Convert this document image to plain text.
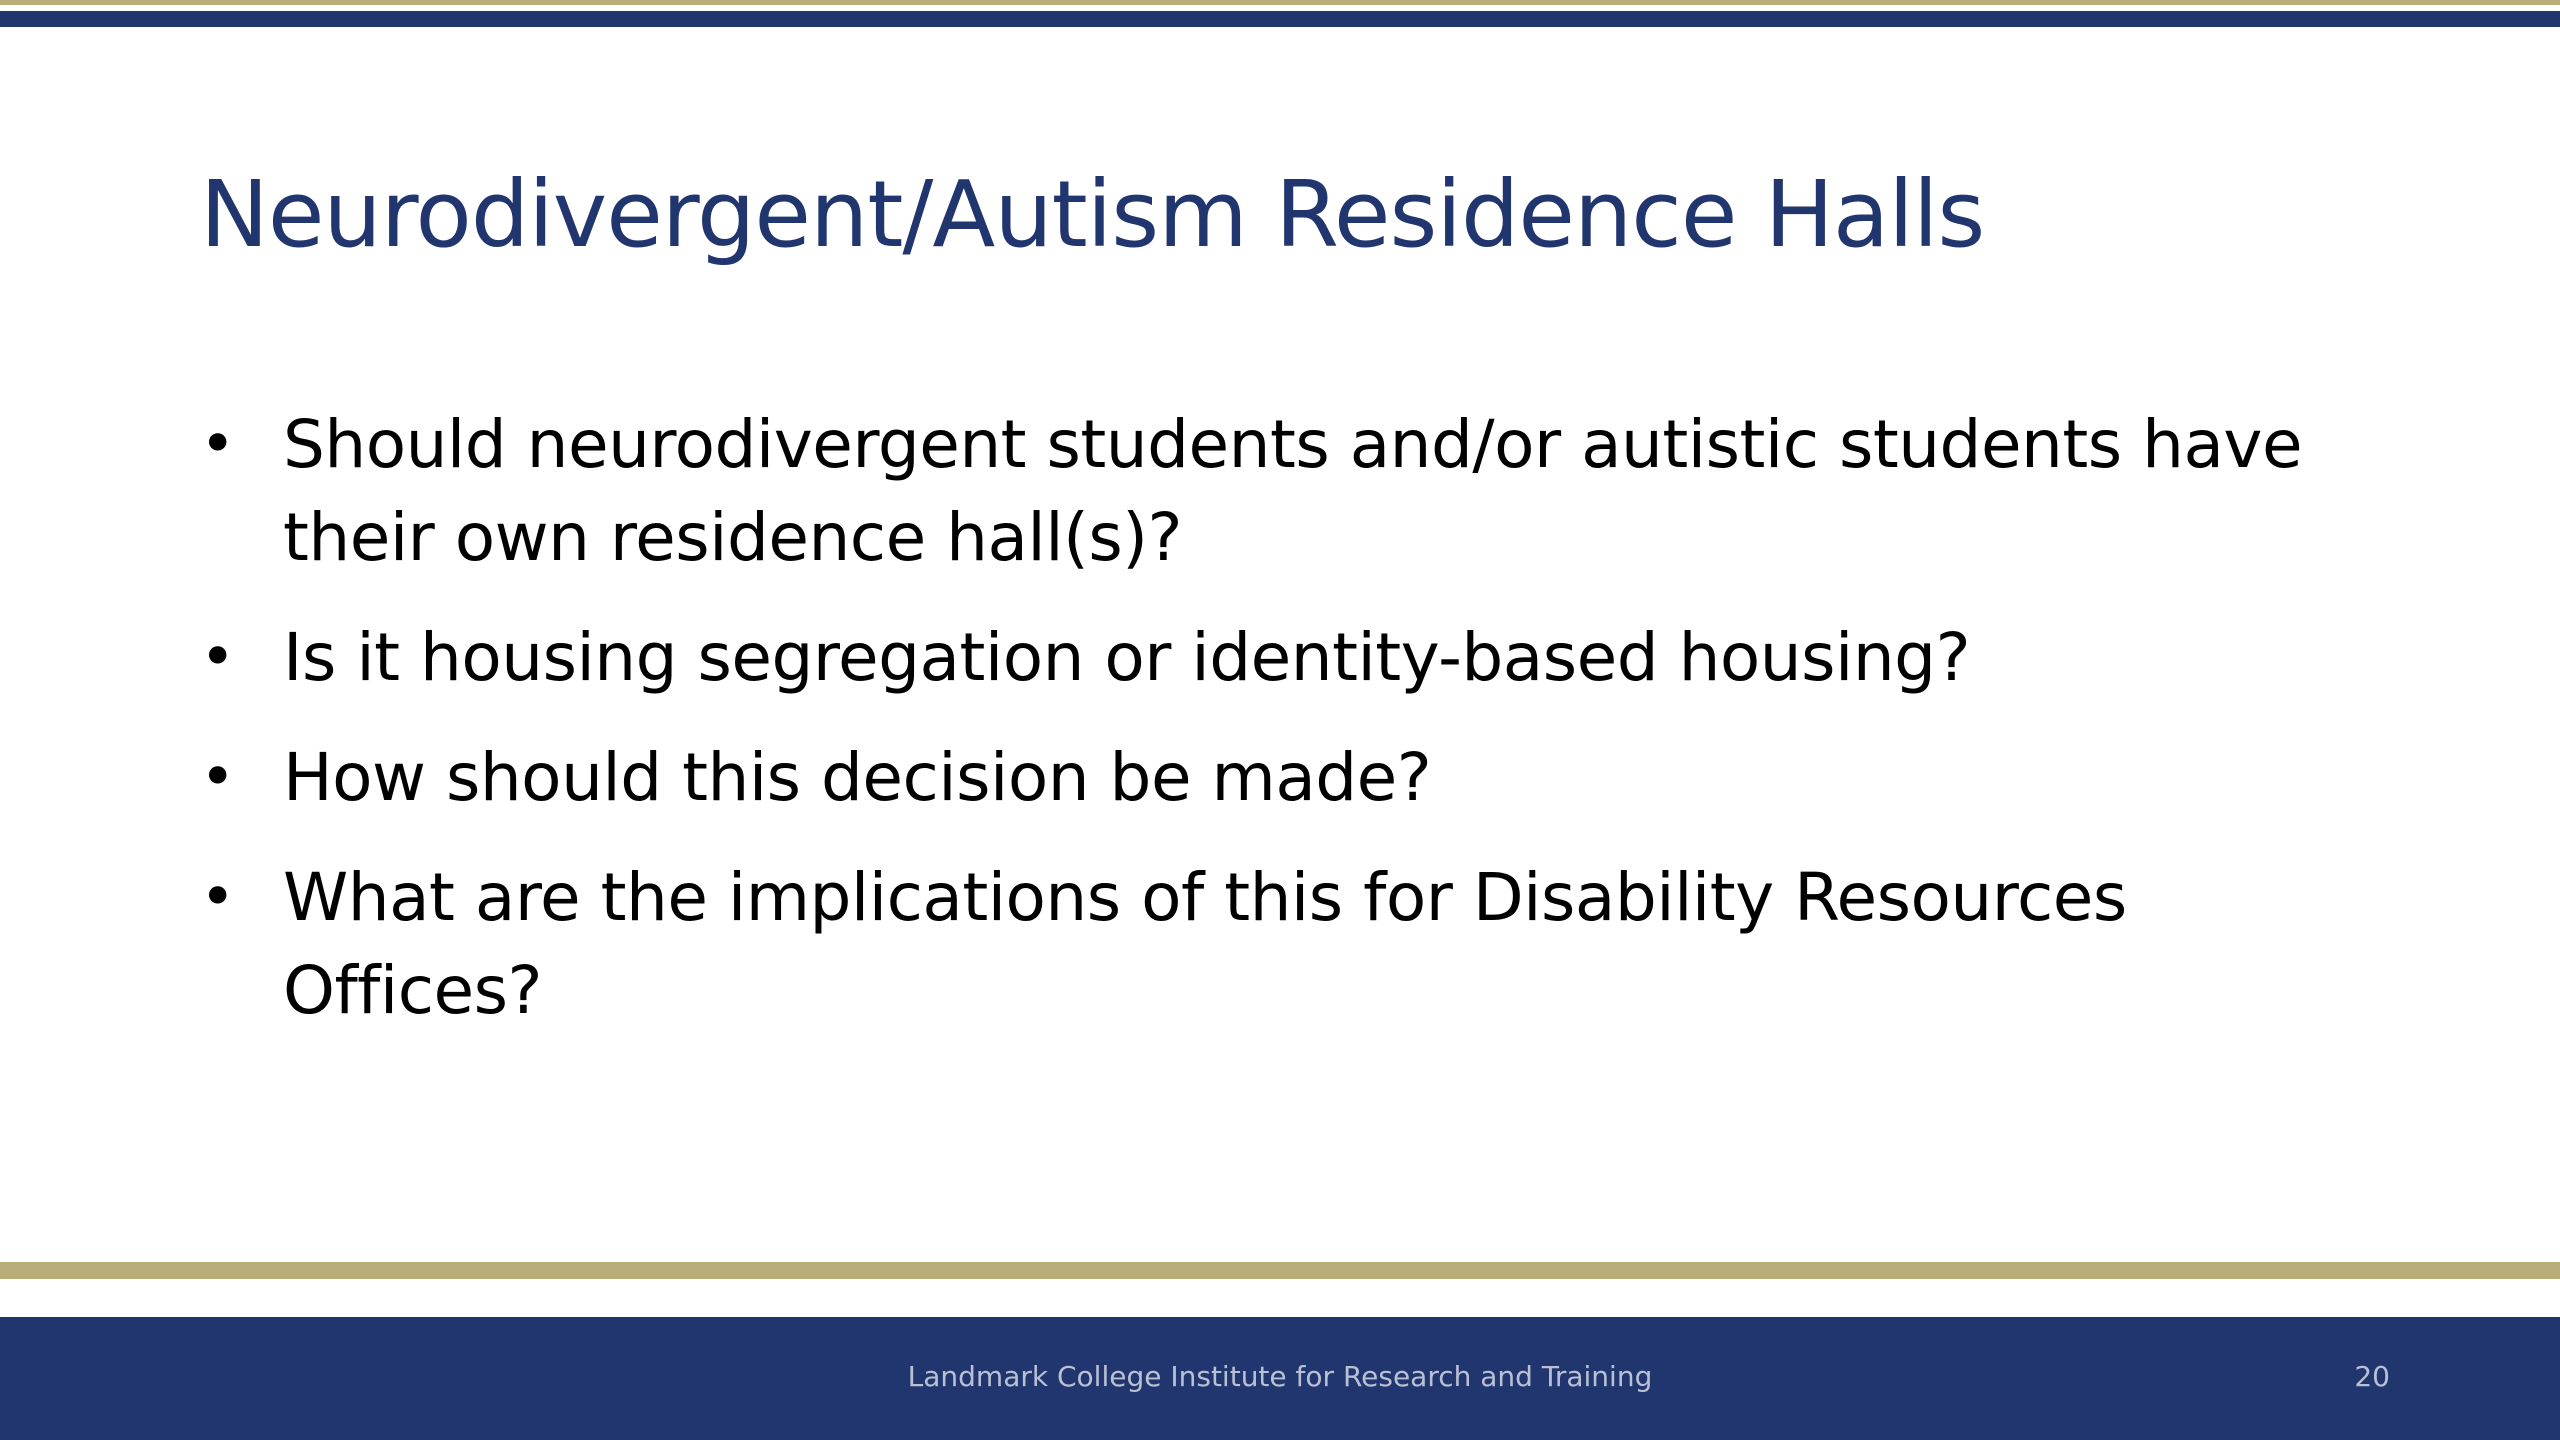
Neurodivergent/Autism Residence Halls
• Should neurodivergent students and/or autistic students have their own residence hall(s)?
• Is it housing segregation or identity-based housing?
• How should this decision be made?
• What are the implications of this for Disability Resources Offices?
Landmark College Institute for Research and Training	20
